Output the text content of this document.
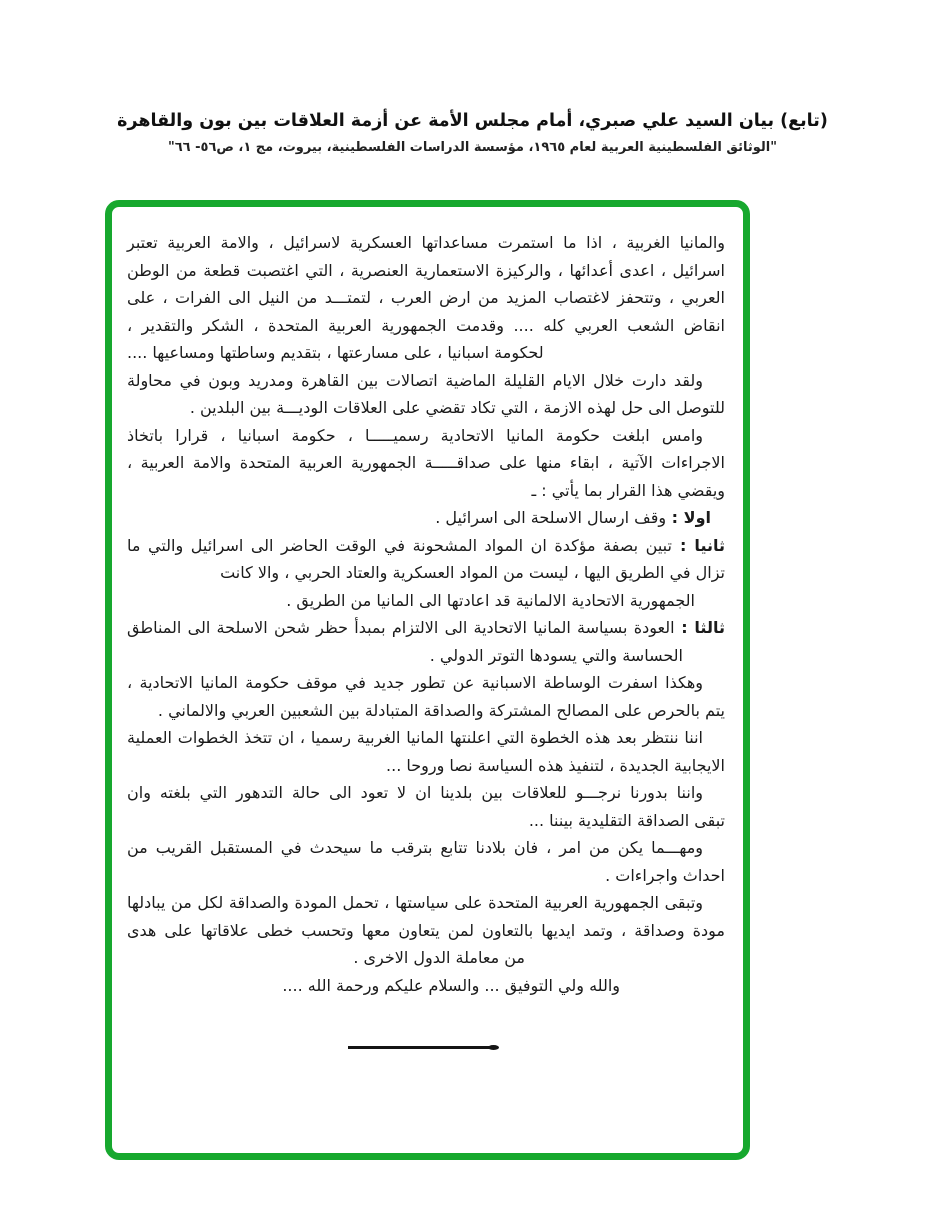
(تابع) بيان السيد علي صبري، أمام مجلس الأمة عن أزمة العلاقات بين بون والقاهرة
"الوثائق الفلسطينية العربية لعام ١٩٦٥، مؤسسة الدراسات الفلسطينية، بيروت، مج ١، ص٥٦- ٦٦"
والمانيا الغربية ، اذا ما استمرت مساعداتها العسكرية لاسرائيل ، والامة العربية تعتبر
اسرائيل ، اعدى أعدائها ، والركيزة الاستعمارية العنصرية ، التي اغتصبت قطعة من الوطن
العربي ، وتتحفز لاغتصاب المزيد من ارض العرب ، لتمتـــد من النيل الى الفرات ، على
انقاض الشعب العربي كله .... وقدمت الجمهورية العربية المتحدة ، الشكر والتقدير ،
لحكومة اسبانيا ، على مسارعتها ، بتقديم وساطتها ومساعيها ....
ولقد دارت خلال الايام القليلة الماضية اتصالات بين القاهرة ومدريد وبون في محاولة
للتوصل الى حل لهذه الازمة ، التي تكاد تقضي على العلاقات الوديـــة بين البلدين .
وامس ابلغت حكومة المانيا الاتحادية رسميـــــا ، حكومة اسبانيا ، قرارا باتخاذ
الاجراءات الآتية ، ابقاء منها على صداقـــــة الجمهورية العربية المتحدة والامة العربية ،
ويقضي هذا القرار بما يأتي : ـ
اولا : وقف ارسال الاسلحة الى اسرائيل .
ثانيا : تبين بصفة مؤكدة ان المواد المشحونة في الوقت الحاضر الى اسرائيل والتي ما
تزال في الطريق اليها ، ليست من المواد العسكرية والعتاد الحربي ، والا كانت
الجمهورية الاتحادية الالمانية قد اعادتها الى المانيا من الطريق .
ثالثا : العودة بسياسة المانيا الاتحادية الى الالتزام بمبدأ حظر شحن الاسلحة الى المناطق
الحساسة والتي يسودها التوتر الدولي .
وهكذا اسفرت الوساطة الاسبانية عن تطور جديد في موقف حكومة المانيا الاتحادية ،
يتم بالحرص على المصالح المشتركة والصداقة المتبادلة بين الشعبين العربي والالماني .
اننا ننتظر بعد هذه الخطوة التي اعلنتها المانيا الغربية رسميا ، ان تتخذ الخطوات العملية
الايجابية الجديدة ، لتنفيذ هذه السياسة نصا وروحا ...
واننا بدورنا نرجـــو للعلاقات بين بلدينا ان لا تعود الى حالة التدهور التي بلغته وان
تبقى الصداقة التقليدية بيننا ...
ومهـــما يكن من امر ، فان بلادنا تتابع بترقب ما سيحدث في المستقبل القريب من
احداث واجراءات .
وتبقى الجمهورية العربية المتحدة على سياستها ، تحمل المودة والصداقة لكل من يبادلها
مودة وصداقة ، وتمد ايديها بالتعاون لمن يتعاون معها وتحسب خطى علاقاتها على هدى
من معاملة الدول الاخرى .
والله ولي التوفيق ... والسلام عليكم ورحمة الله ....
